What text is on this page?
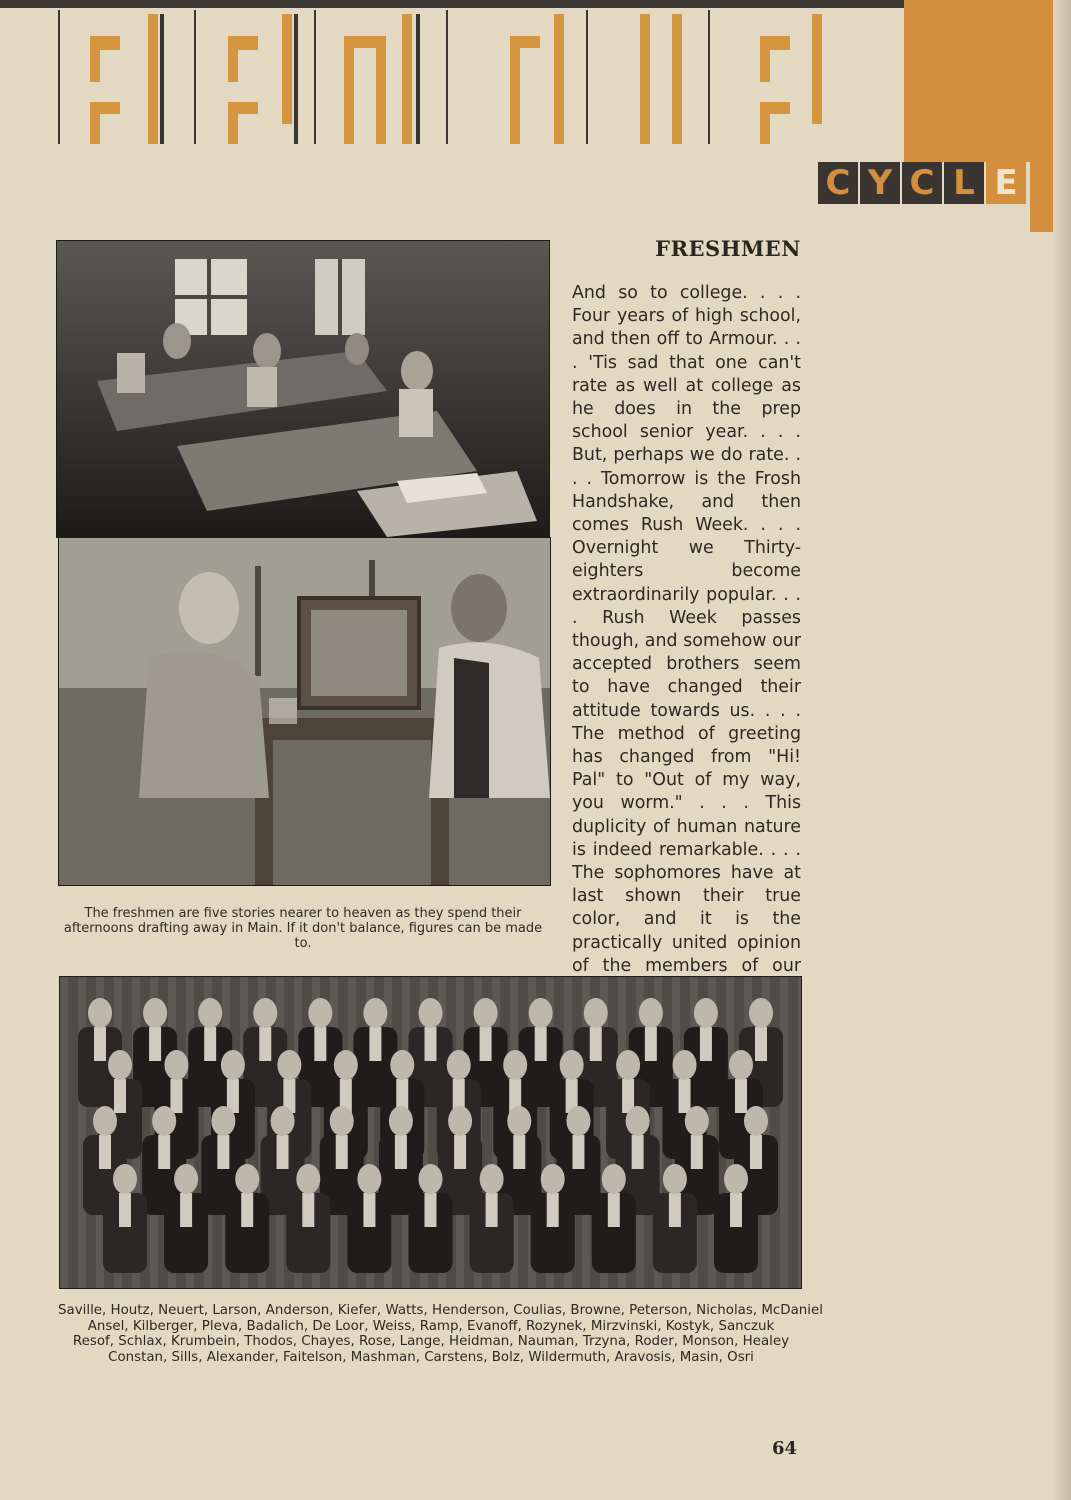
C Y C L E
The freshmen are five stories nearer to heaven as they spend their afternoons drafting away in Main. If it don't balance, figures can be made to.
FRESHMEN
And so to college. . . . Four years of high school, and then off to Armour. . . . 'Tis sad that one can't rate as well at college as he does in the prep school senior year. . . . But, perhaps we do rate. . . . Tomorrow is the Frosh Handshake, and then comes Rush Week. . . . Overnight we Thirty-eighters become extraordinarily popular. . . . Rush Week passes though, and somehow our accepted brothers seem to have changed their attitude towards us. . . . The method of greeting has changed from "Hi! Pal" to "Out of my way, you worm." . . . This duplicity of human nature is indeed remarkable. . . . The sophomores have at last shown their true color, and it is the practically united opinion of the members of our
Saville, Houtz, Neuert, Larson, Anderson, Kiefer, Watts, Henderson, Coulias, Browne, Peterson, Nicholas, McDaniel
Ansel, Kilberger, Pleva, Badalich, De Loor, Weiss, Ramp, Evanoff, Rozynek, Mirzvinski, Kostyk, Sanczuk
Resof, Schlax, Krumbein, Thodos, Chayes, Rose, Lange, Heidman, Nauman, Trzyna, Roder, Monson, Healey
Constan, Sills, Alexander, Faitelson, Mashman, Carstens, Bolz, Wildermuth, Aravosis, Masin, Osri
64
